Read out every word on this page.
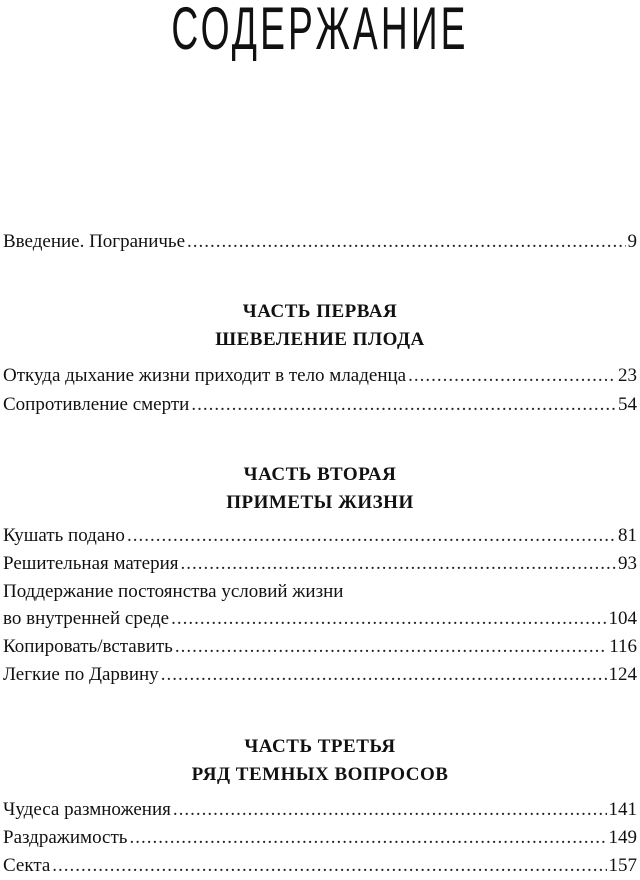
СОДЕРЖАНИЕ
Введение. Пограничье .....	9
ЧАСТЬ ПЕРВАЯ
ШЕВЕЛЕНИЕ ПЛОДА
Откуда дыхание жизни приходит в тело младенца .....	23
Сопротивление смерти .....	54
ЧАСТЬ ВТОРАЯ
ПРИМЕТЫ ЖИЗНИ
Кушать подано .....	81
Решительная материя .....	93
Поддержание постоянства условий жизни
во внутренней среде .....	104
Копировать/вставить .....	116
Легкие по Дарвину .....	124
ЧАСТЬ ТРЕТЬЯ
РЯД ТЕМНЫХ ВОПРОСОВ
Чудеса размножения .....	141
Раздражимость .....	149
Секта .....	157
